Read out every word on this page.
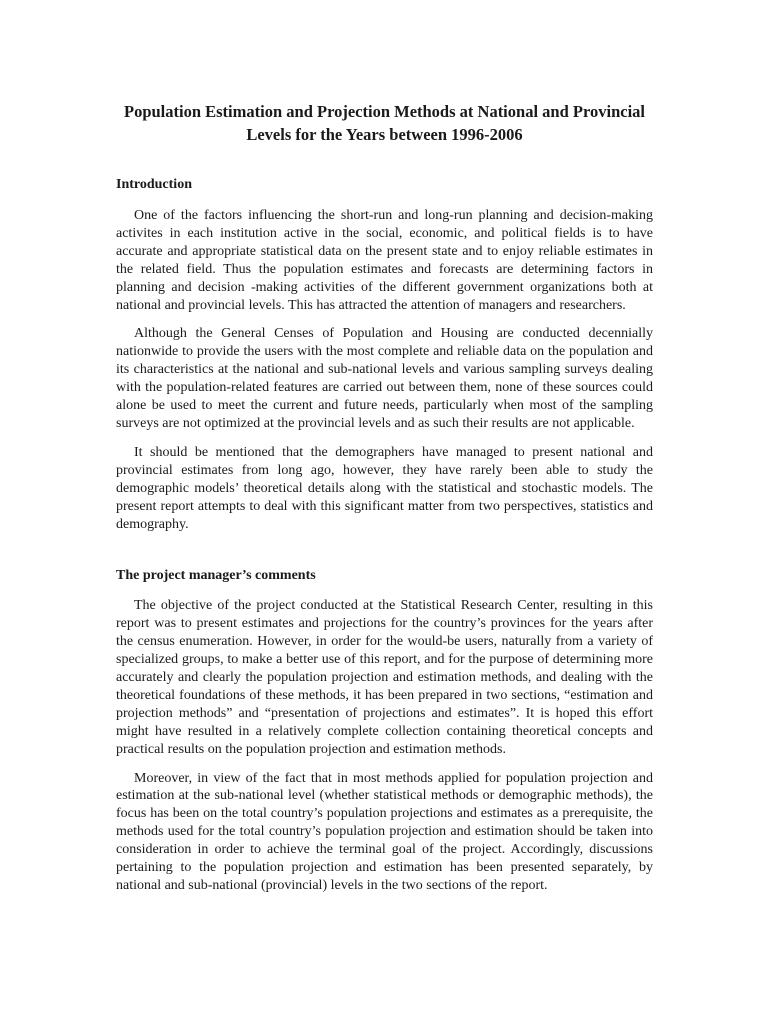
Population Estimation and Projection Methods at National and Provincial Levels for the Years between 1996-2006
Introduction

One of the factors influencing the short-run and long-run planning and decision-making activites in each institution active in the social, economic, and political fields is to have accurate and appropriate statistical data on the present state and to enjoy reliable estimates in the related field. Thus the population estimates and forecasts are determining factors in planning and decision -making activities of the different government organizations both at national and provincial levels. This has attracted the attention of managers and researchers.

Although the General Censes of Population and Housing are conducted decennially nationwide to provide the users with the most complete and reliable data on the population and its characteristics at the national and sub-national levels and various sampling surveys dealing with the population-related features are carried out between them, none of these sources could alone be used to meet the current and future needs, particularly when most of the sampling surveys are not optimized at the provincial levels and as such their results are not applicable.

It should be mentioned that the demographers have managed to present national and provincial estimates from long ago, however, they have rarely been able to study the demographic models’ theoretical details along with the statistical and stochastic models. The present report attempts to deal with this significant matter from two perspectives, statistics and demography.

The project manager’s comments

The objective of the project conducted at the Statistical Research Center, resulting in this report was to present estimates and projections for the country’s provinces for the years after the census enumeration. However, in order for the would-be users, naturally from a variety of specialized groups, to make a better use of this report, and for the purpose of determining more accurately and clearly the population projection and estimation methods, and dealing with the theoretical foundations of these methods, it has been prepared in two sections, “estimation and projection methods” and “presentation of projections and estimates”. It is hoped this effort might have resulted in a relatively complete collection containing theoretical concepts and practical results on the population projection and estimation methods.

Moreover, in view of the fact that in most methods applied for population projection and estimation at the sub-national level (whether statistical methods or demographic methods), the focus has been on the total country’s population projections and estimates as a prerequisite, the methods used for the total country’s population projection and estimation should be taken into consideration in order to achieve the terminal goal of the project. Accordingly, discussions pertaining to the population projection and estimation has been presented separately, by national and sub-national (provincial) levels in the two sections of the report.
